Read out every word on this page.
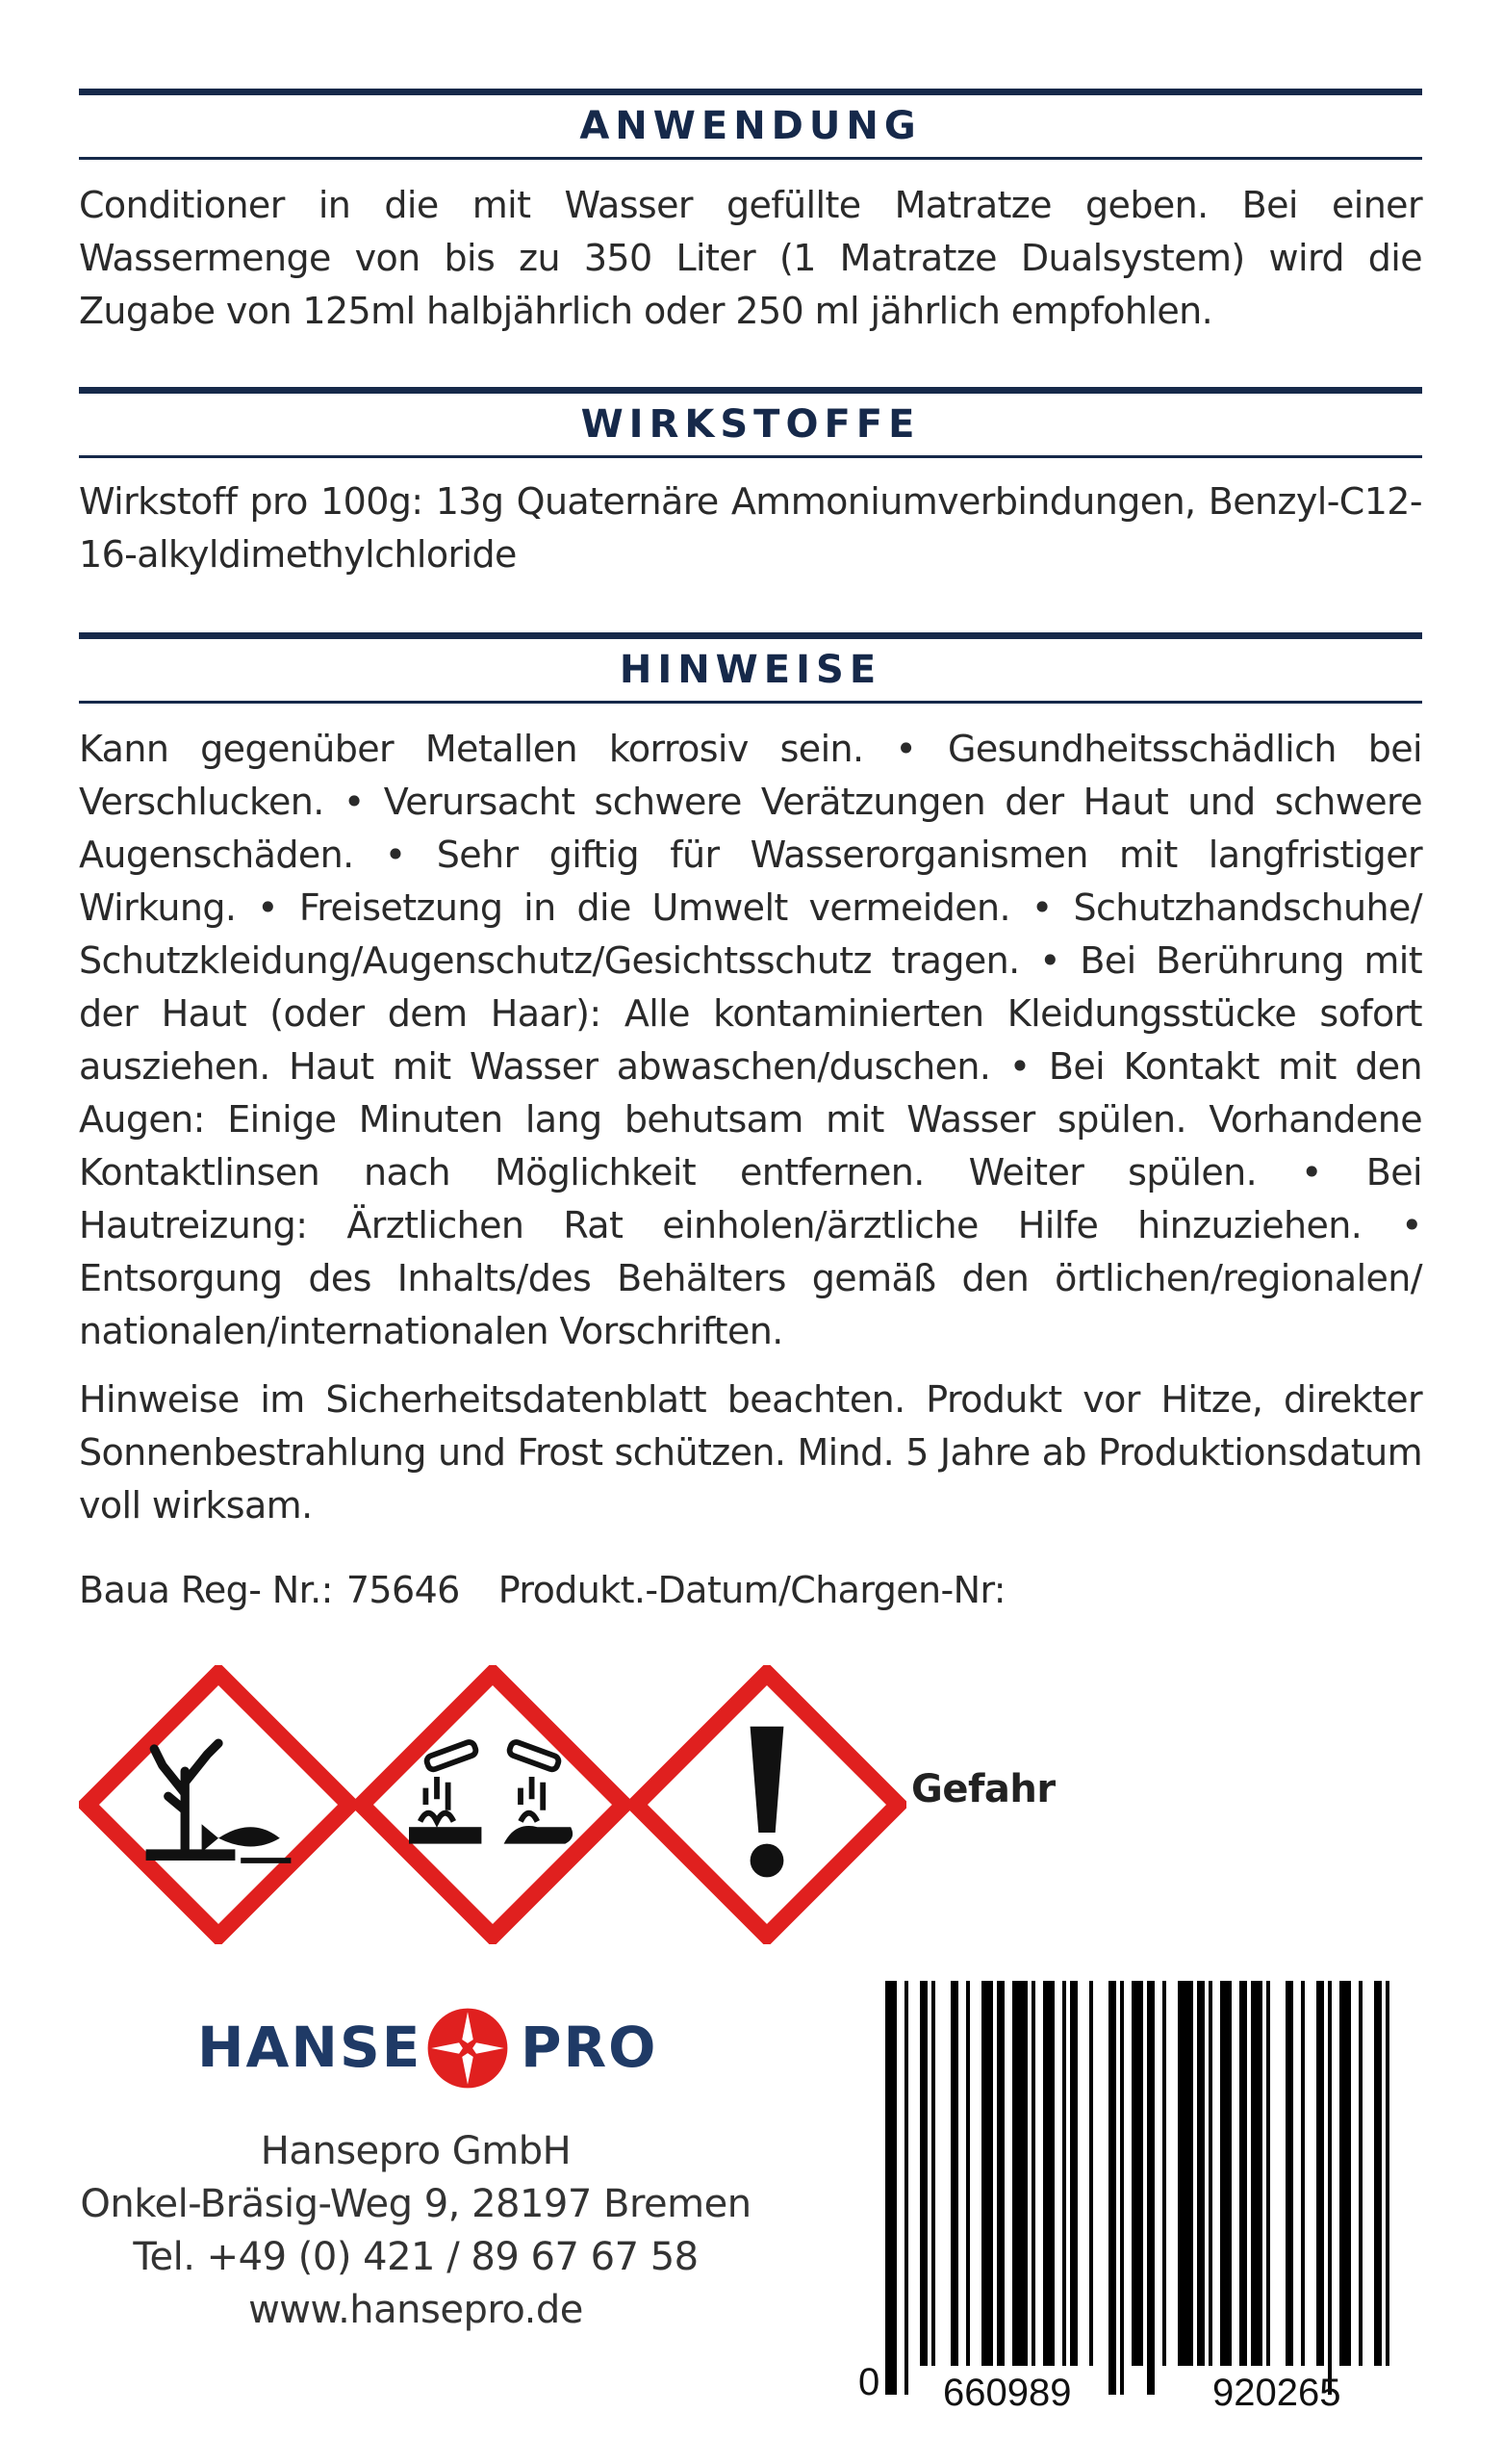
ANWENDUNG

Conditioner in die mit Wasser gefüllte Matratze geben. Bei einer Wassermenge von bis zu 350 Liter (1 Matratze Dualsystem) wird die Zugabe von 125ml halbjährlich oder 250 ml jährlich empfohlen.

WIRKSTOFFE

Wirkstoff pro 100g: 13g Quaternäre Ammoniumverbindungen, Benzyl-C12-16-alkyldimethylchloride

HINWEISE

Kann gegenüber Metallen korrosiv sein. • Gesundheitsschädlich bei Verschlucken. • Verursacht schwere Verätzungen der Haut und schwere Augenschäden. • Sehr giftig für Wasserorganismen mit langfristiger Wirkung. • Freisetzung in die Umwelt vermeiden. • Schutzhandschuhe/ Schutzkleidung/Augenschutz/Gesichtsschutz tragen. • Bei Berührung mit der Haut (oder dem Haar): Alle kontaminierten Kleidungsstücke sofort ausziehen. Haut mit Wasser abwaschen/duschen. • Bei Kontakt mit den Augen: Einige Minuten lang behutsam mit Wasser spülen. Vorhandene Kontaktlinsen nach Möglichkeit entfernen. Weiter spülen. • Bei Hautreizung: Ärztlichen Rat einholen/ärztliche Hilfe hinzuziehen. • Entsorgung des Inhalts/des Behälters gemäß den örtlichen/regionalen/ nationalen/internationalen Vorschriften.

Hinweise im Sicherheitsdatenblatt beachten. Produkt vor Hitze, direkter Sonnenbestrahlung und Frost schützen. Mind. 5 Jahre ab Produktionsdatum voll wirksam.

Baua Reg- Nr.: 75646 Produkt.-Datum/Chargen-Nr:
Gefahr
HANSE PRO
Hansepro GmbH
Onkel-Bräsig-Weg 9, 28197 Bremen
Tel. +49 (0) 421 / 89 67 67 58
www.hansepro.de
0 660989	920265
